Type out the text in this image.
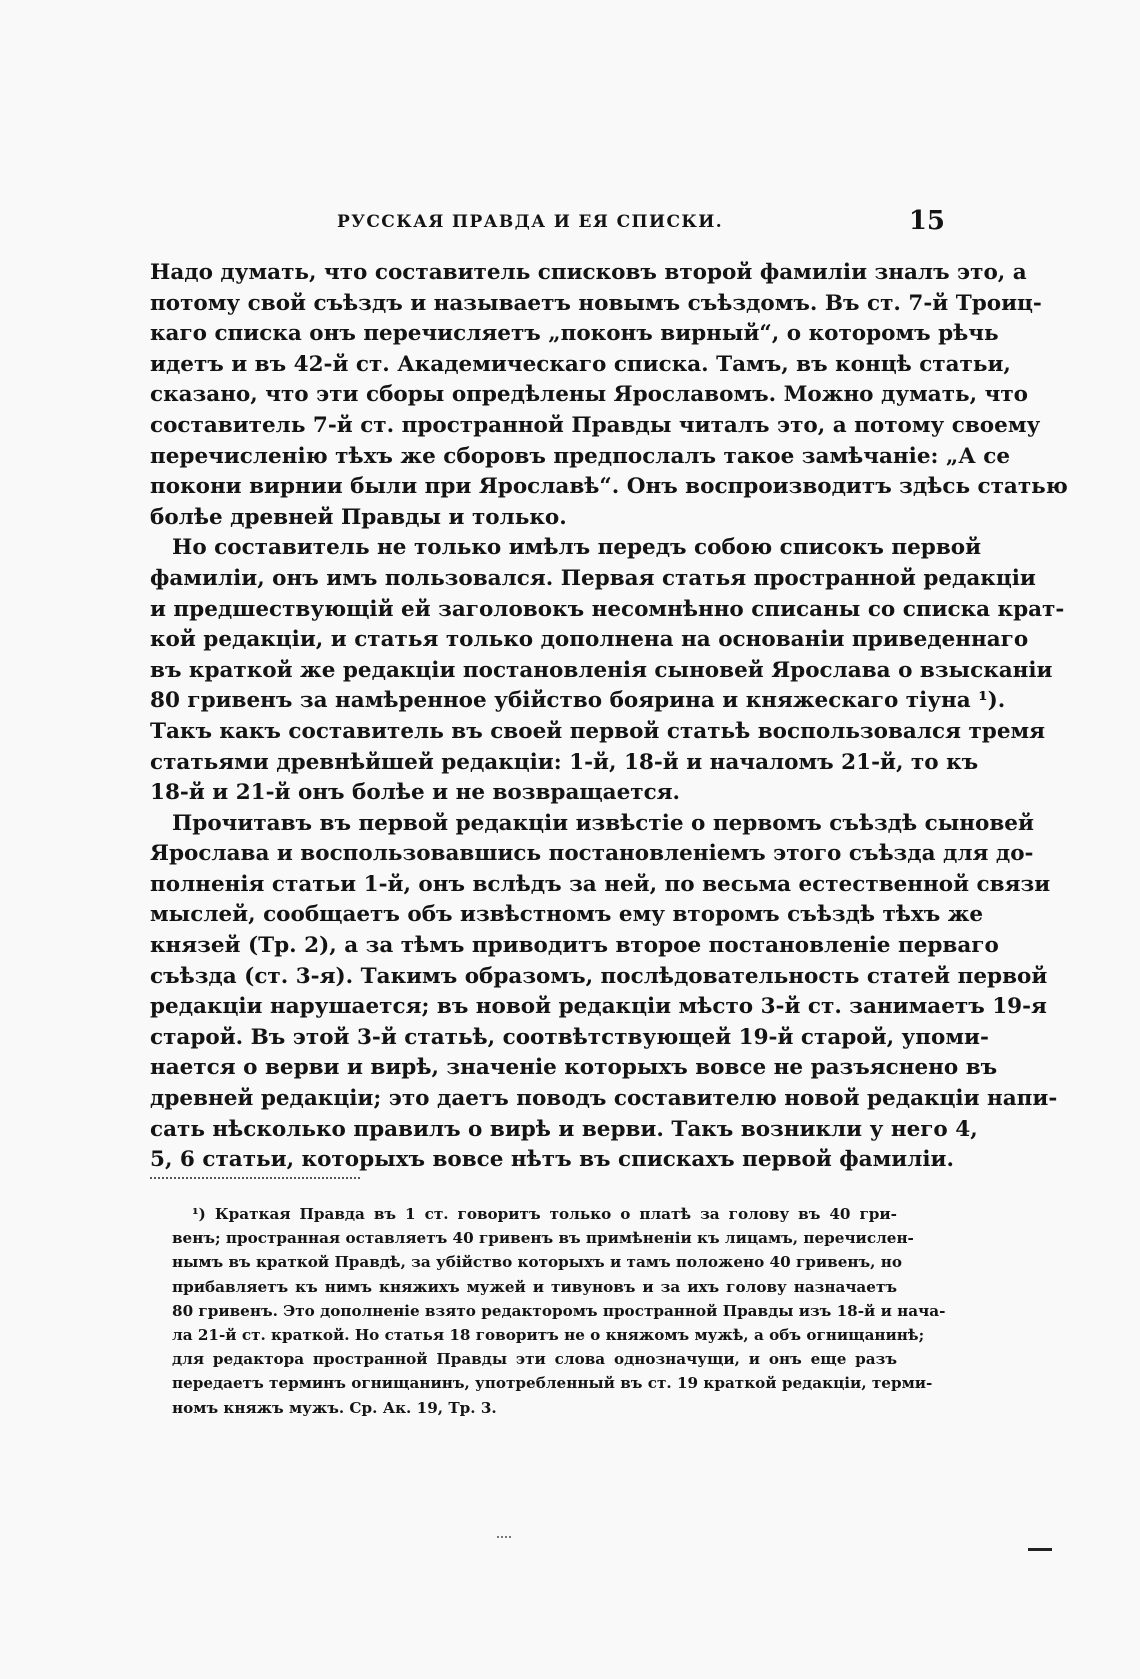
РУССКАЯ ПРАВДА И ЕЯ СПИСКИ.	15
Надо думать, что составитель списковъ второй фамиліи зналъ это, а
потому свой съѣздъ и называетъ новымъ съѣздомъ. Въ ст. 7-й Троиц-
каго списка онъ перечисляетъ „поконъ вирный“, о которомъ рѣчь
идетъ и въ 42-й ст. Академическаго списка. Тамъ, въ концѣ статьи,
сказано, что эти сборы опредѣлены Ярославомъ. Можно думать, что
составитель 7-й ст. пространной Правды читалъ это, а потому своему
перечисленію тѣхъ же сборовъ предпослалъ такое замѣчаніе: „А се
покони вирнии были при Ярославѣ“. Онъ воспроизводитъ здѣсь статью
болѣе древней Правды и только.
Но составитель не только имѣлъ передъ собою списокъ первой
фамиліи, онъ имъ пользовался. Первая статья пространной редакціи
и предшествующій ей заголовокъ несомнѣнно списаны со списка крат-
кой редакціи, и статья только дополнена на основаніи приведеннаго
въ краткой же редакціи постановленія сыновей Ярослава о взысканіи
80 гривенъ за намѣренное убійство боярина и княжескаго тіуна ¹).
Такъ какъ составитель въ своей первой статьѣ воспользовался тремя
статьями древнѣйшей редакціи: 1-й, 18-й и началомъ 21-й, то къ
18-й и 21-й онъ болѣе и не возвращается.
Прочитавъ въ первой редакціи извѣстіе о первомъ съѣздѣ сыновей
Ярослава и воспользовавшись постановленіемъ этого съѣзда для до-
полненія статьи 1-й, онъ вслѣдъ за ней, по весьма естественной связи
мыслей, сообщаетъ объ извѣстномъ ему второмъ съѣздѣ тѣхъ же
князей (Тр. 2), а за тѣмъ приводитъ второе постановленіе перваго
съѣзда (ст. 3-я). Такимъ образомъ, послѣдовательность статей первой
редакціи нарушается; въ новой редакціи мѣсто 3-й ст. занимаетъ 19-я
старой. Въ этой 3-й статьѣ, соотвѣтствующей 19-й старой, упоми-
нается о верви и вирѣ, значеніе которыхъ вовсе не разъяснено въ
древней редакціи; это даетъ поводъ составителю новой редакціи напи-
сать нѣсколько правилъ о вирѣ и верви. Такъ возникли у него 4,
5, 6 статьи, которыхъ вовсе нѣтъ въ спискахъ первой фамиліи.
¹) Краткая Правда въ 1 ст. говоритъ только о платѣ за голову въ 40 гри-
венъ; пространная оставляетъ 40 гривенъ въ примѣненіи къ лицамъ, перечислен-
нымъ въ краткой Правдѣ, за убійство которыхъ и тамъ положено 40 гривенъ, но
прибавляетъ къ нимъ княжихъ мужей и тивуновъ и за ихъ голову назначаетъ
80 гривенъ. Это дополненіе взято редакторомъ пространной Правды изъ 18-й и нача-
ла 21-й ст. краткой. Но статья 18 говоритъ не о княжомъ мужѣ, а объ огнищанинѣ;
для редактора пространной Правды эти слова однозначущи, и онъ еще разъ
передаетъ терминъ огнищанинъ, употребленный въ ст. 19 краткой редакціи, терми-
номъ княжъ мужъ. Ср. Ак. 19, Тр. 3.
